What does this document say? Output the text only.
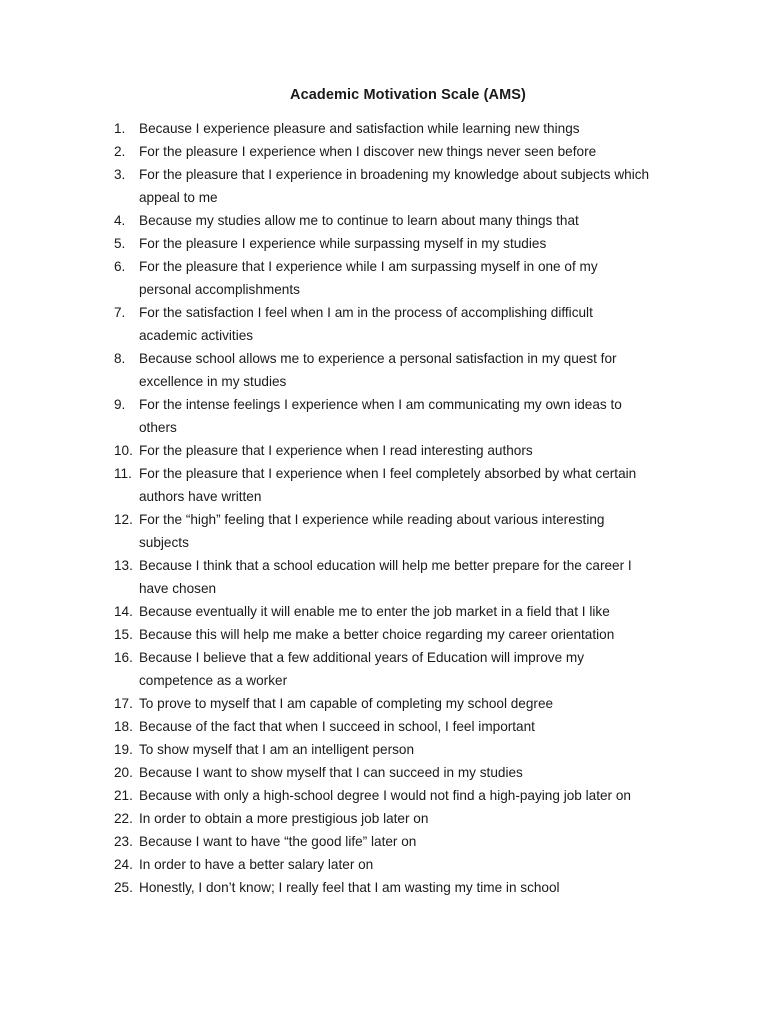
Academic Motivation Scale (AMS)
1.	Because I experience pleasure and satisfaction while learning new things
2.	For the pleasure I experience when I discover new things never seen before
3.	For the pleasure that I experience in broadening my knowledge about subjects which
appeal to me
4.	Because my studies allow me to continue to learn about many things that
5.	For the pleasure I experience while surpassing myself in my studies
6.	For the pleasure that I experience while I am surpassing myself in one of my
personal accomplishments
7.	For the satisfaction I feel when I am in the process of accomplishing difficult
academic activities
8.	Because school allows me to experience a personal satisfaction in my quest for
excellence in my studies
9.	For the intense feelings I experience when I am communicating my own ideas to
others
10. For the pleasure that I experience when I read interesting authors
11. For the pleasure that I experience when I feel completely absorbed by what certain
authors have written
12. For the “high” feeling that I experience while reading about various interesting
subjects
13. Because I think that a school education will help me better prepare for the career I
have chosen
14. Because eventually it will enable me to enter the job market in a field that I like
15. Because this will help me make a better choice regarding my career orientation
16. Because I believe that a few additional years of Education will improve my
competence as a worker
17. To prove to myself that I am capable of completing my school degree
18. Because of the fact that when I succeed in school, I feel important
19. To show myself that I am an intelligent person
20. Because I want to show myself that I can succeed in my studies
21. Because with only a high-school degree I would not find a high-paying job later on
22. In order to obtain a more prestigious job later on
23. Because I want to have “the good life” later on
24. In order to have a better salary later on
25. Honestly, I don’t know; I really feel that I am wasting my time in school
